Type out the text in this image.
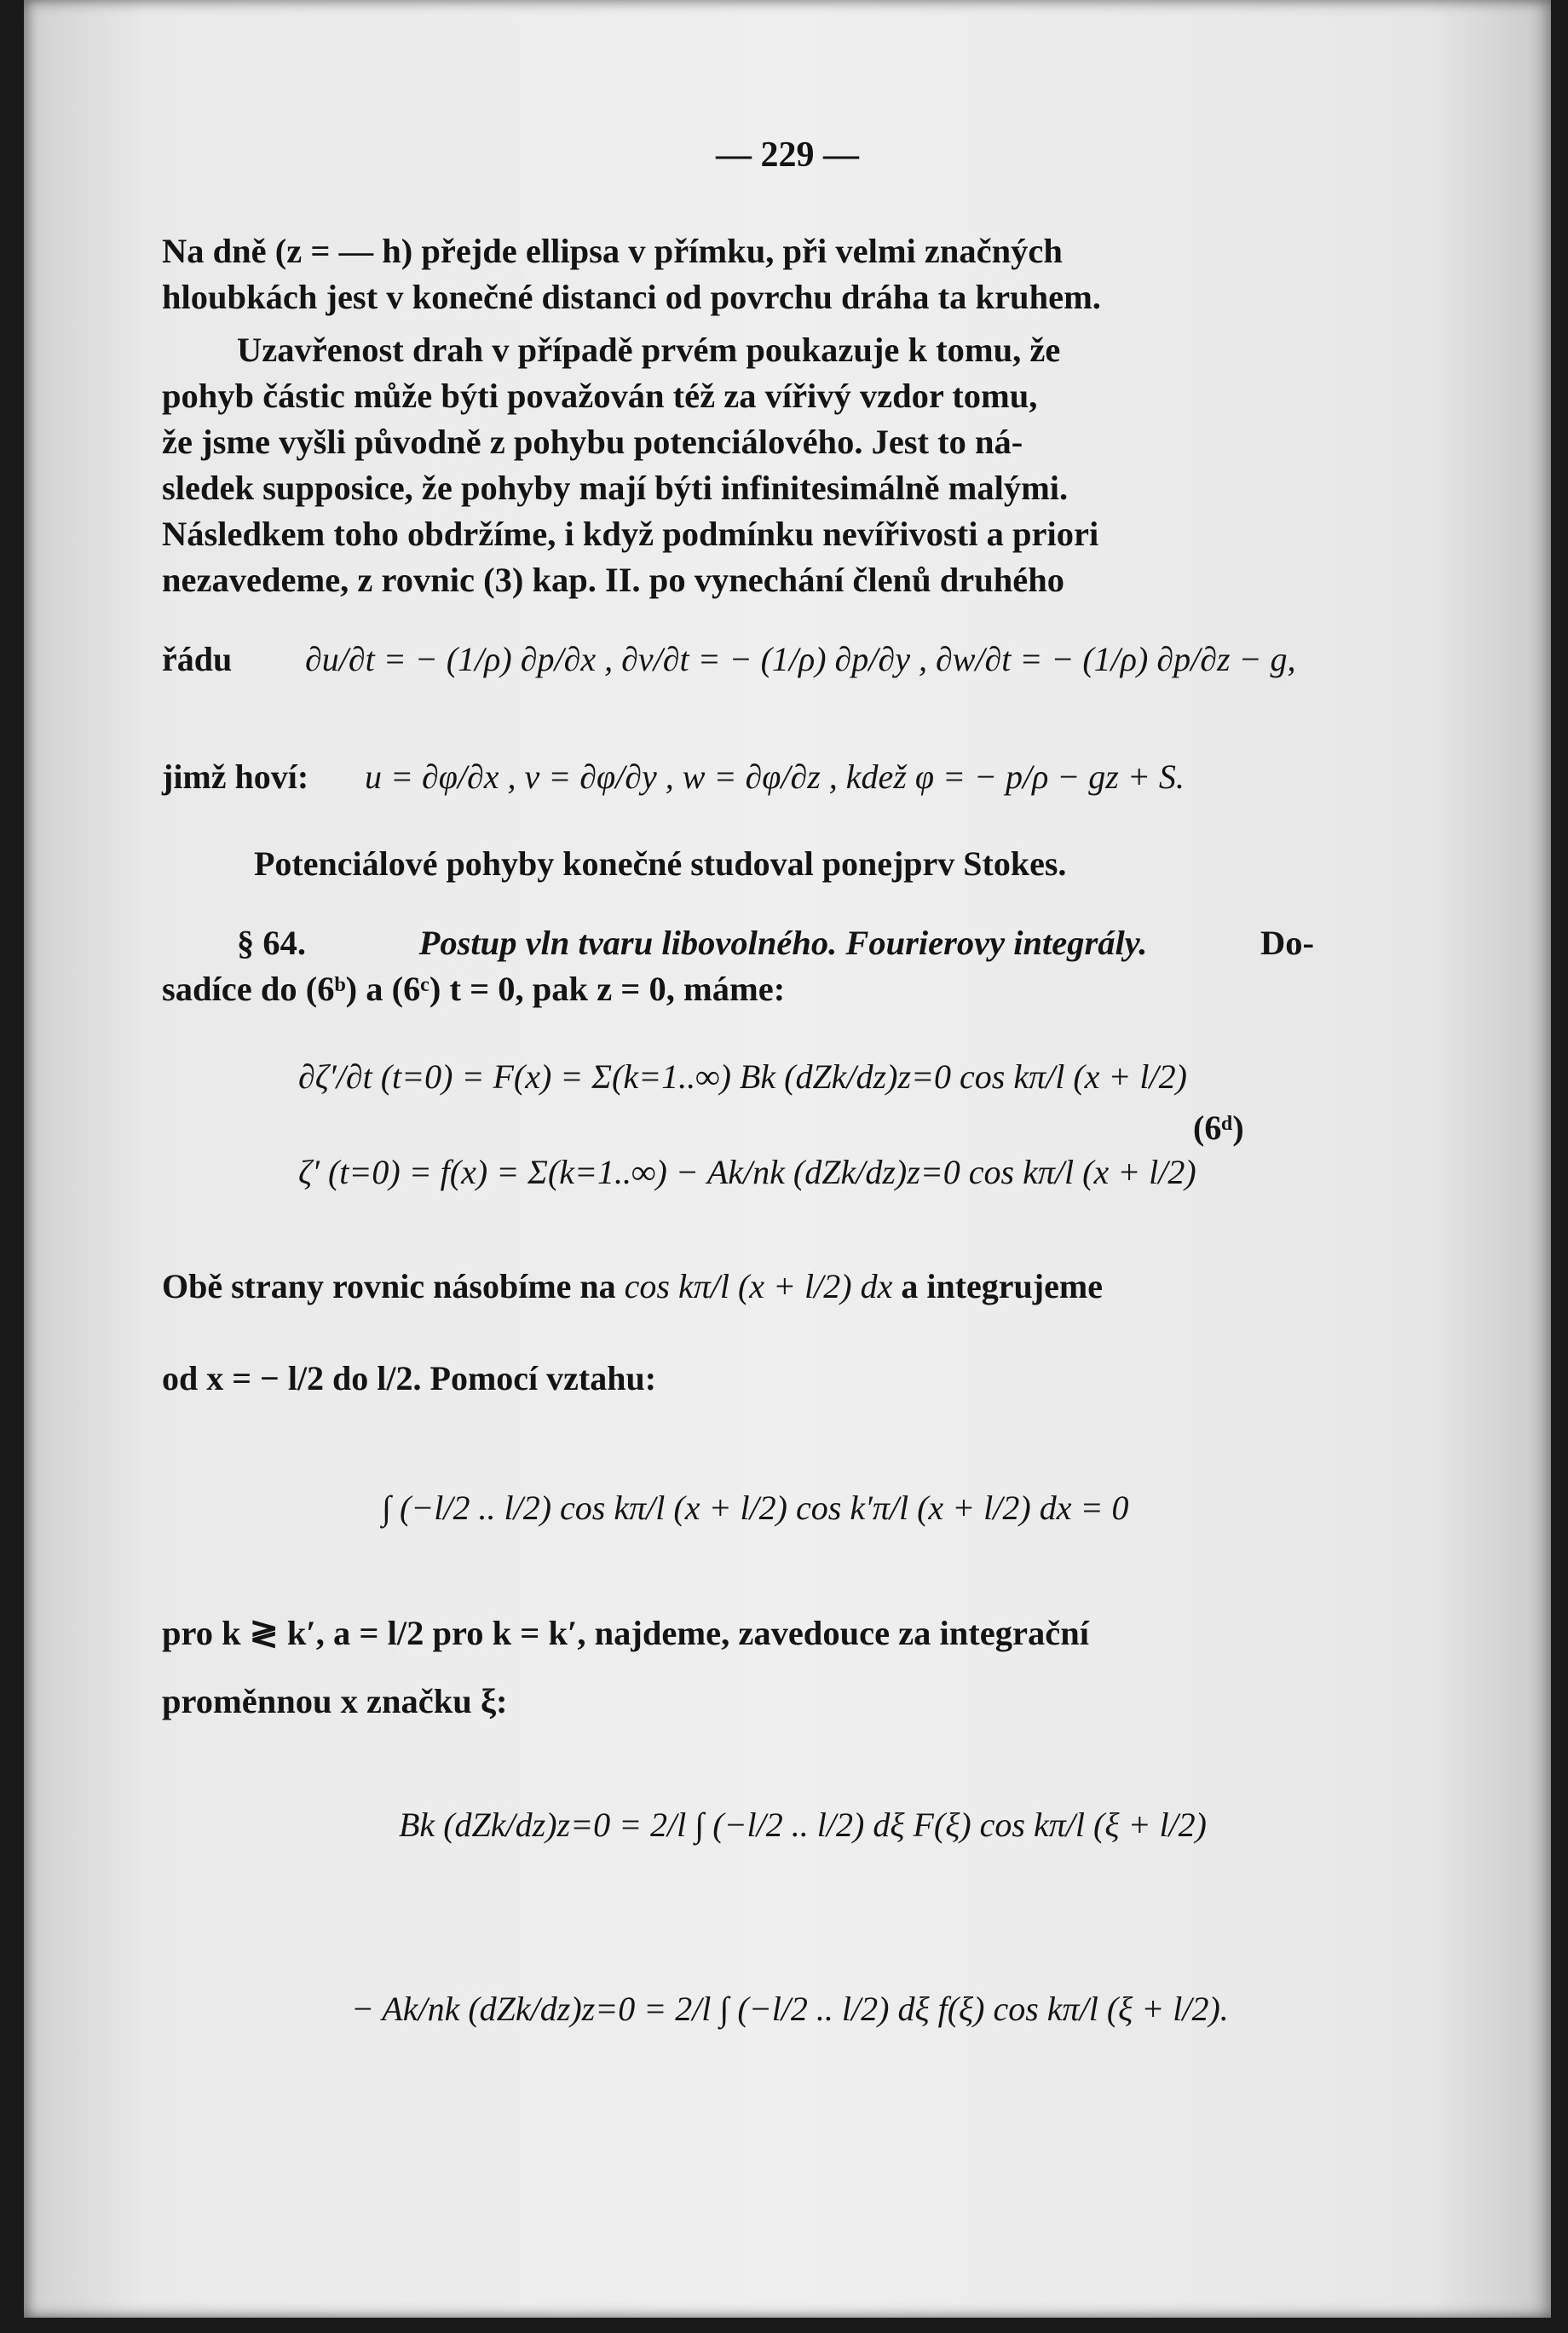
— 229 —
Na dně (z = — h) přejde ellipsa v přímku, při velmi značných
hloubkách jest v konečné distanci od povrchu dráha ta kruhem.
Uzavřenost drah v případě prvém poukazuje k tomu, že
pohyb částic může býti považován též za vířivý vzdor tomu,
že jsme vyšli původně z pohybu potenciálového. Jest to ná-
sledek supposice, že pohyby mají býti infinitesimálně malými.
Následkem toho obdržíme, i když podmínku nevířivosti a priori
nezavedeme, z rovnic (3) kap. II. po vynechání členů druhého
řádu ∂u/∂t = − (1/ρ) ∂p/∂x , ∂v/∂t = − (1/ρ) ∂p/∂y , ∂w/∂t = − (1/ρ) ∂p/∂z − g,
jimž hoví: u = ∂φ/∂x , v = ∂φ/∂y , w = ∂φ/∂z , kdež φ = − p/ρ − gz + S.
Potenciálové pohyby konečné studoval ponejprv Stokes.
§ 64.	Postup vln tvaru libovolného. Fourierovy integrály.	Do-
sadíce do (6ᵇ) a (6ᶜ) t = 0, pak z = 0, máme:
∂ζ′/∂t (t=0) = F(x) = Σ(k=1..∞) Bk (dZk/dz)z=0 cos kπ/l (x + l/2)
ζ′ (t=0) = f(x) = Σ(k=1..∞) − Ak/nk (dZk/dz)z=0 cos kπ/l (x + l/2)
(6ᵈ)
Obě strany rovnic násobíme na cos kπ/l (x + l/2) dx a integrujeme
od x = − l/2 do l/2. Pomocí vztahu:
∫ (−l/2 .. l/2) cos kπ/l (x + l/2) cos k′π/l (x + l/2) dx = 0
pro k ≷ k′, a = l/2 pro k = k′, najdeme, zavedouce za integrační
proměnnou x značku ξ:
Bk (dZk/dz)z=0 = 2/l ∫ (−l/2 .. l/2) dξ F(ξ) cos kπ/l (ξ + l/2)
− Ak/nk (dZk/dz)z=0 = 2/l ∫ (−l/2 .. l/2) dξ f(ξ) cos kπ/l (ξ + l/2).
